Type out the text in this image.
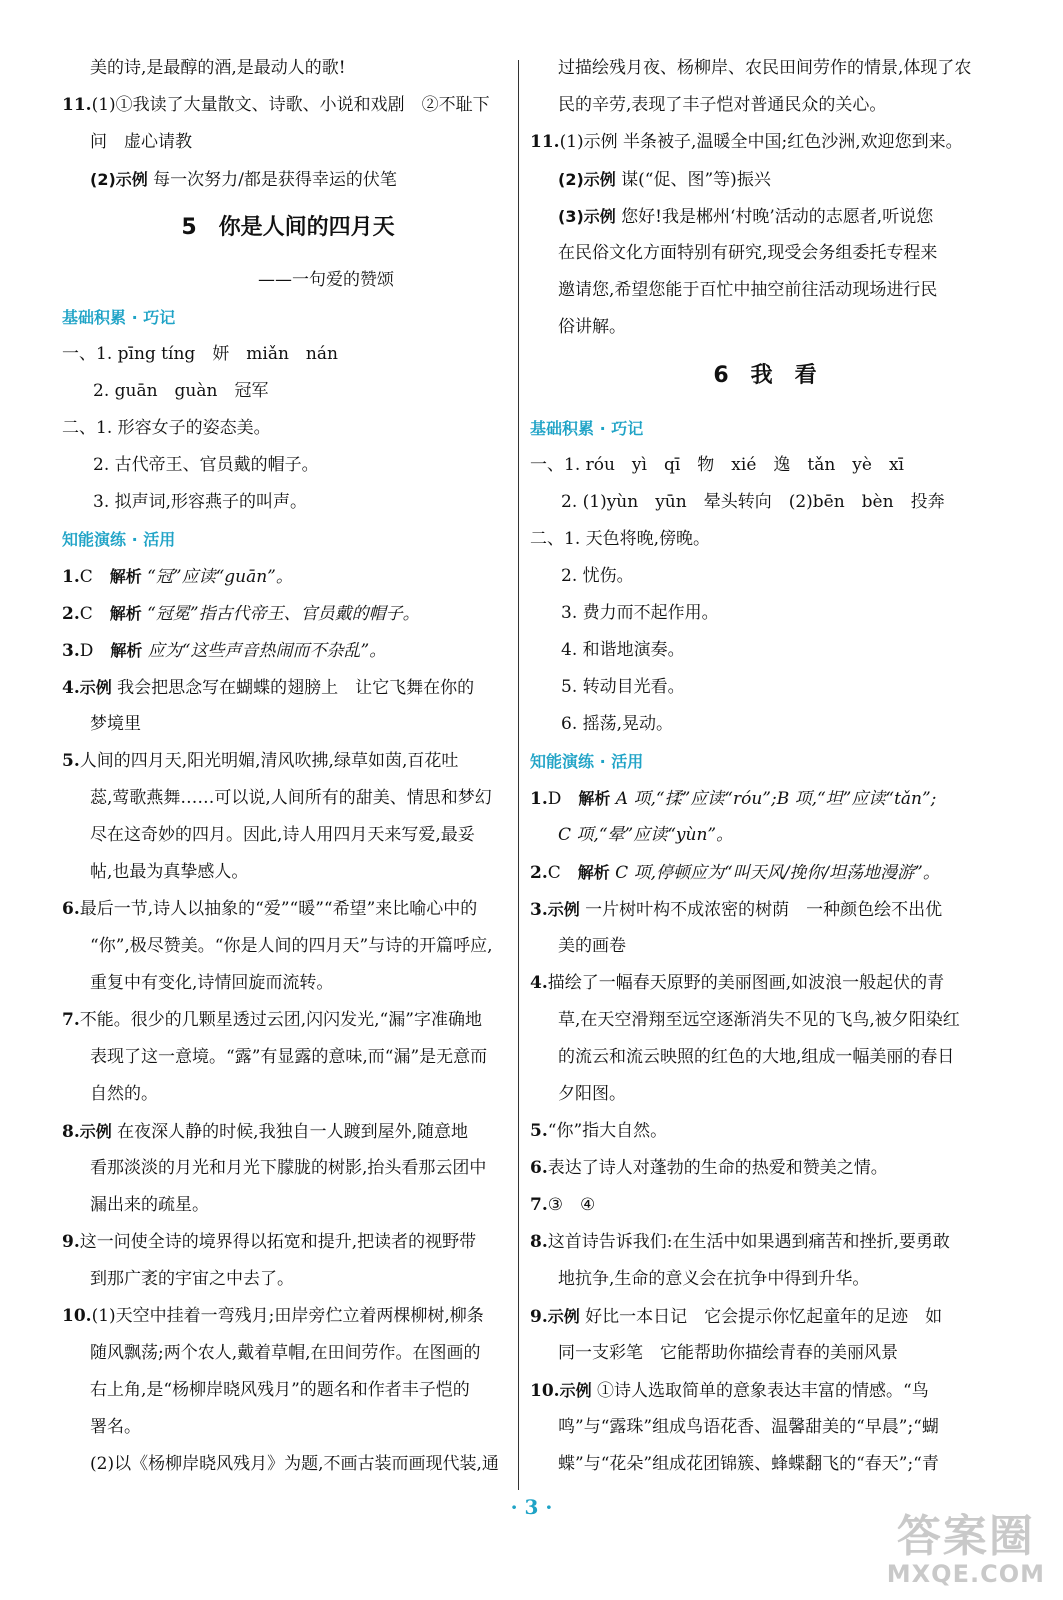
美的诗,是最醇的酒,是最动人的歌!
11.(1)①我读了大量散文、诗歌、小说和戏剧　②不耻下
问　虚心请教
(2)示例 每一次努力/都是获得幸运的伏笔
5　你是人间的四月天
——一句爱的赞颂
基础积累 · 巧记
一、1. pīng tíng　妍　miǎn　nán
2. guān　guàn　冠军
二、1. 形容女子的姿态美。
2. 古代帝王、官员戴的帽子。
3. 拟声词,形容燕子的叫声。
知能演练 · 活用
1.C　解析 “冠”应读“guān”。
2.C　解析 “冠冕”指古代帝王、官员戴的帽子。
3.D　解析 应为“这些声音热闹而不杂乱”。
4.示例 我会把思念写在蝴蝶的翅膀上　让它飞舞在你的
梦境里
5.人间的四月天,阳光明媚,清风吹拂,绿草如茵,百花吐
蕊,莺歌燕舞……可以说,人间所有的甜美、情思和梦幻
尽在这奇妙的四月。因此,诗人用四月天来写爱,最妥
帖,也最为真挚感人。
6.最后一节,诗人以抽象的“爱”“暖”“希望”来比喻心中的
“你”,极尽赞美。“你是人间的四月天”与诗的开篇呼应,
重复中有变化,诗情回旋而流转。
7.不能。很少的几颗星透过云团,闪闪发光,“漏”字准确地
表现了这一意境。“露”有显露的意味,而“漏”是无意而
自然的。
8.示例 在夜深人静的时候,我独自一人踱到屋外,随意地
看那淡淡的月光和月光下朦胧的树影,抬头看那云团中
漏出来的疏星。
9.这一问使全诗的境界得以拓宽和提升,把读者的视野带
到那广袤的宇宙之中去了。
10.(1)天空中挂着一弯残月;田岸旁伫立着两棵柳树,柳条
随风飘荡;两个农人,戴着草帽,在田间劳作。在图画的
右上角,是“杨柳岸晓风残月”的题名和作者丰子恺的
署名。
(2)以《杨柳岸晓风残月》为题,不画古装而画现代装,通
过描绘残月夜、杨柳岸、农民田间劳作的情景,体现了农
民的辛劳,表现了丰子恺对普通民众的关心。
11.(1)示例 半条被子,温暖全中国;红色沙洲,欢迎您到来。
(2)示例 谋(“促、图”等)振兴
(3)示例 您好!我是郴州‘村晚’活动的志愿者,听说您
在民俗文化方面特别有研究,现受会务组委托专程来
邀请您,希望您能于百忙中抽空前往活动现场进行民
俗讲解。
6　我　看
基础积累 · 巧记
一、1. róu　yì　qī　物　xié　逸　tǎn　yè　xī
2. (1)yùn　yūn　晕头转向　(2)bēn　bèn　投奔
二、1. 天色将晚,傍晚。
2. 忧伤。
3. 费力而不起作用。
4. 和谐地演奏。
5. 转动目光看。
6. 摇荡,晃动。
知能演练 · 活用
1.D　解析 A 项,“揉”应读“róu”;B 项,“坦”应读“tǎn”;
C 项,“晕”应读“yùn”。
2.C　解析 C 项,停顿应为“叫天风/挽你/坦荡地漫游”。
3.示例 一片树叶构不成浓密的树荫　一种颜色绘不出优
美的画卷
4.描绘了一幅春天原野的美丽图画,如波浪一般起伏的青
草,在天空滑翔至远空逐渐消失不见的飞鸟,被夕阳染红
的流云和流云映照的红色的大地,组成一幅美丽的春日
夕阳图。
5.“你”指大自然。
6.表达了诗人对蓬勃的生命的热爱和赞美之情。
7.③　④
8.这首诗告诉我们:在生活中如果遇到痛苦和挫折,要勇敢
地抗争,生命的意义会在抗争中得到升华。
9.示例 好比一本日记　它会提示你忆起童年的足迹　如
同一支彩笔　它能帮助你描绘青春的美丽风景
10.示例 ①诗人选取简单的意象表达丰富的情感。“鸟
鸣”与“露珠”组成鸟语花香、温馨甜美的“早晨”;“蝴
蝶”与“花朵”组成花团锦簇、蜂蝶翻飞的“春天”;“青
· 3 ·
答案圈
MXQE.COM
